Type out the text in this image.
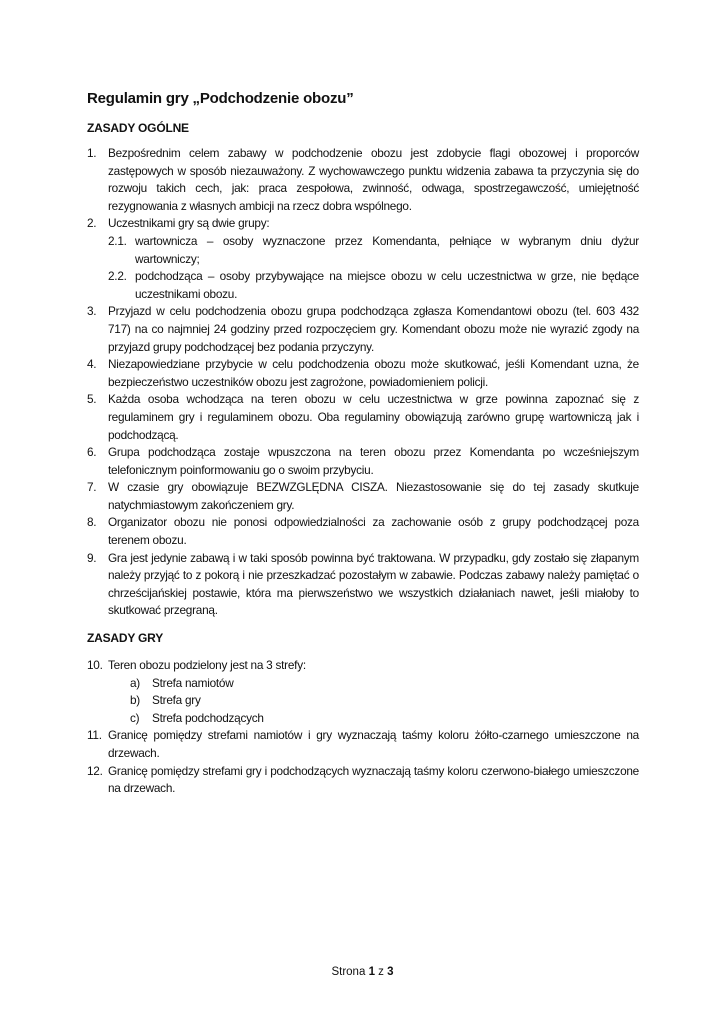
Regulamin gry „Podchodzenie obozu”
ZASADY OGÓLNE
1. Bezpośrednim celem zabawy w podchodzenie obozu jest zdobycie flagi obozowej i proporców zastępowych w sposób niezauważony. Z wychowawczego punktu widzenia zabawa ta przyczynia się do rozwoju takich cech, jak: praca zespołowa, zwinność, odwaga, spostrzegawczość, umiejętność rezygnowania z własnych ambicji na rzecz dobra wspólnego.
2. Uczestnikami gry są dwie grupy:
2.1. wartownicza – osoby wyznaczone przez Komendanta, pełniące w wybranym dniu dyżur wartowniczy;
2.2. podchodząca – osoby przybywające na miejsce obozu w celu uczestnictwa w grze, nie będące uczestnikami obozu.
3. Przyjazd w celu podchodzenia obozu grupa podchodząca zgłasza Komendantowi obozu (tel. 603 432 717) na co najmniej 24 godziny przed rozpoczęciem gry. Komendant obozu może nie wyrazić zgody na przyjazd grupy podchodzącej bez podania przyczyny.
4. Niezapowiedziane przybycie w celu podchodzenia obozu może skutkować, jeśli Komendant uzna, że bezpieczeństwo uczestników obozu jest zagrożone, powiadomieniem policji.
5. Każda osoba wchodząca na teren obozu w celu uczestnictwa w grze powinna zapoznać się z regulaminem gry i regulaminem obozu. Oba regulaminy obowiązują zarówno grupę wartowniczą jak i podchodzącą.
6. Grupa podchodząca zostaje wpuszczona na teren obozu przez Komendanta po wcześniejszym telefonicznym poinformowaniu go o swoim przybyciu.
7. W czasie gry obowiązuje BEZWZGLĘDNA CISZA. Niezastosowanie się do tej zasady skutkuje natychmiastowym zakończeniem gry.
8. Organizator obozu nie ponosi odpowiedzialności za zachowanie osób z grupy podchodzącej poza terenem obozu.
9. Gra jest jedynie zabawą i w taki sposób powinna być traktowana. W przypadku, gdy zostało się złapanym należy przyjąć to z pokorą i nie przeszkadzać pozostałym w zabawie. Podczas zabawy należy pamiętać o chrześcijańskiej postawie, która ma pierwszeństwo we wszystkich działaniach nawet, jeśli miałoby to skutkować przegraną.
ZASADY GRY
10. Teren obozu podzielony jest na 3 strefy:
a) Strefa namiotów
b) Strefa gry
c) Strefa podchodzących
11. Granicę pomiędzy strefami namiotów i gry wyznaczają taśmy koloru żółto-czarnego umieszczone na drzewach.
12. Granicę pomiędzy strefami gry i podchodzących wyznaczają taśmy koloru czerwono-białego umieszczone na drzewach.
Strona 1 z 3
